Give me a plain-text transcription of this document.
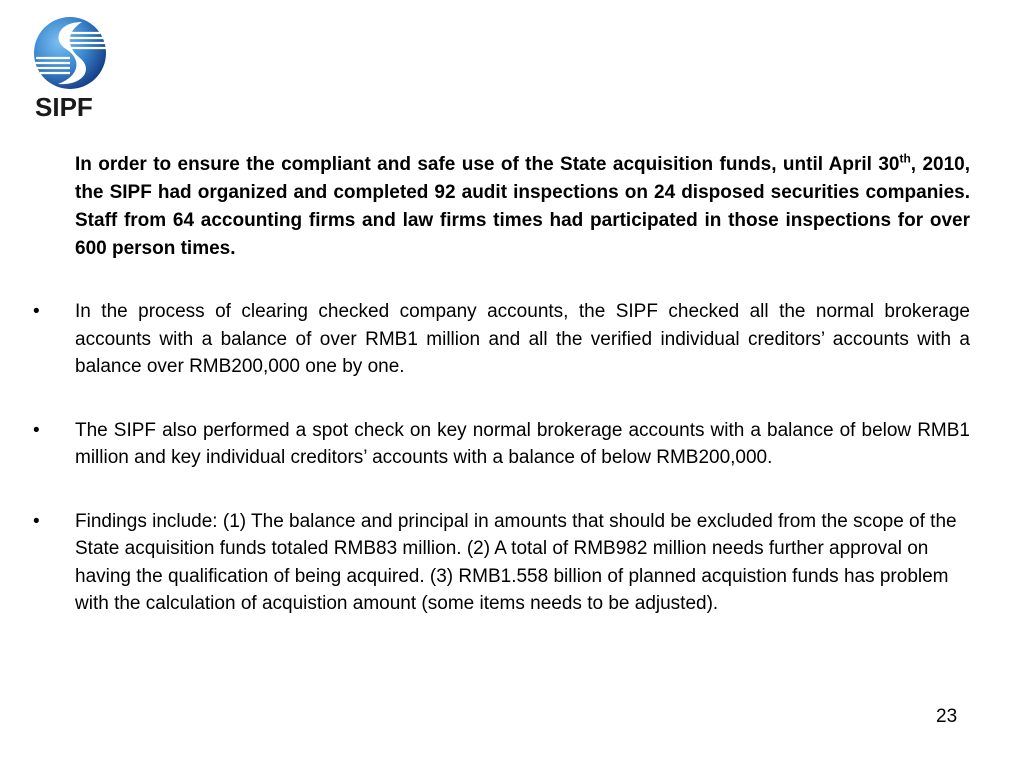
SIPF
In order to ensure the compliant and safe use of the State acquisition funds, until April 30th, 2010, the SIPF had organized and completed 92 audit inspections on 24 disposed securities companies. Staff from 64 accounting firms and law firms times had participated in those inspections for over 600 person times.
• In the process of clearing checked company accounts, the SIPF checked all the normal brokerage accounts with a balance of over RMB1 million and all the verified individual creditors’ accounts with a balance over RMB200,000 one by one.
• The SIPF also performed a spot check on key normal brokerage accounts with a balance of below RMB1 million and key individual creditors’ accounts with a balance of below RMB200,000.
• Findings include: (1) The balance and principal in amounts that should be excluded from the scope of the State acquisition funds totaled RMB83 million. (2) A total of RMB982 million needs further approval on having the qualification of being acquired. (3) RMB1.558 billion of planned acquistion funds has problem with the calculation of acquistion amount (some items needs to be adjusted).
23
